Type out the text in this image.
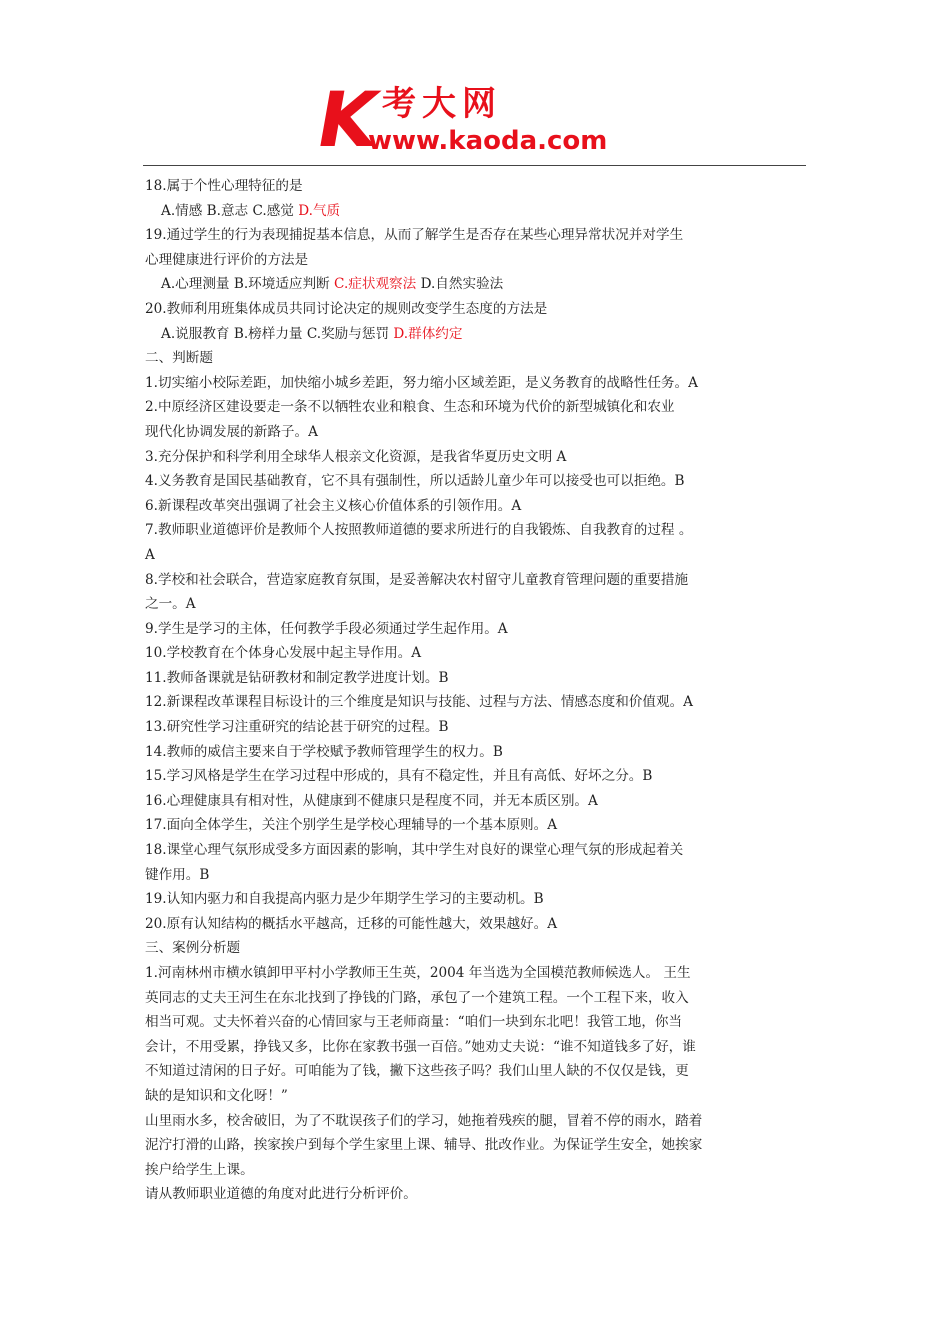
K
考大网
www.kaoda.com
18.属于个性心理特征的是
A.情感 B.意志 C.感觉 D.气质
19.通过学生的行为表现捕捉基本信息，从而了解学生是否存在某些心理异常状况并对学生
心理健康进行评价的方法是
A.心理测量 B.环境适应判断 C.症状观察法 D.自然实验法
20.教师利用班集体成员共同讨论决定的规则改变学生态度的方法是
A.说服教育 B.榜样力量 C.奖励与惩罚 D.群体约定
二、判断题
1.切实缩小校际差距，加快缩小城乡差距，努力缩小区域差距，是义务教育的战略性任务。A
2.中原经济区建设要走一条不以牺牲农业和粮食、生态和环境为代价的新型城镇化和农业
现代化协调发展的新路子。A
3.充分保护和科学利用全球华人根亲文化资源，是我省华夏历史文明 A
4.义务教育是国民基础教育，它不具有强制性，所以适龄儿童少年可以接受也可以拒绝。B
6.新课程改革突出强调了社会主义核心价值体系的引领作用。A
7.教师职业道德评价是教师个人按照教师道德的要求所进行的自我锻炼、自我教育的过程 。
A
8.学校和社会联合，营造家庭教育氛围，是妥善解决农村留守儿童教育管理问题的重要措施
之一。A
9.学生是学习的主体，任何教学手段必须通过学生起作用。A
10.学校教育在个体身心发展中起主导作用。A
11.教师备课就是钻研教材和制定教学进度计划。B
12.新课程改革课程目标设计的三个维度是知识与技能、过程与方法、情感态度和价值观。A
13.研究性学习注重研究的结论甚于研究的过程。B
14.教师的威信主要来自于学校赋予教师管理学生的权力。B
15.学习风格是学生在学习过程中形成的，具有不稳定性，并且有高低、好坏之分。B
16.心理健康具有相对性，从健康到不健康只是程度不同，并无本质区别。A
17.面向全体学生，关注个别学生是学校心理辅导的一个基本原则。A
18.课堂心理气氛形成受多方面因素的影响，其中学生对良好的课堂心理气氛的形成起着关
键作用。B
19.认知内驱力和自我提高内驱力是少年期学生学习的主要动机。B
20.原有认知结构的概括水平越高，迁移的可能性越大，效果越好。A
三、案例分析题
1.河南林州市横水镇卸甲平村小学教师王生英，2004 年当选为全国模范教师候选人。 王生
英同志的丈夫王河生在东北找到了挣钱的门路，承包了一个建筑工程。一个工程下来，收入
相当可观。丈夫怀着兴奋的心情回家与王老师商量：“咱们一块到东北吧！我管工地，你当
会计，不用受累，挣钱又多，比你在家教书强一百倍。”她劝丈夫说：“谁不知道钱多了好，谁
不知道过清闲的日子好。可咱能为了钱，撇下这些孩子吗？我们山里人缺的不仅仅是钱，更
缺的是知识和文化呀！”
山里雨水多，校舍破旧，为了不耽误孩子们的学习，她拖着残疾的腿，冒着不停的雨水，踏着
泥泞打滑的山路，挨家挨户到每个学生家里上课、辅导、批改作业。为保证学生安全，她挨家
挨户给学生上课。
请从教师职业道德的角度对此进行分析评价。
